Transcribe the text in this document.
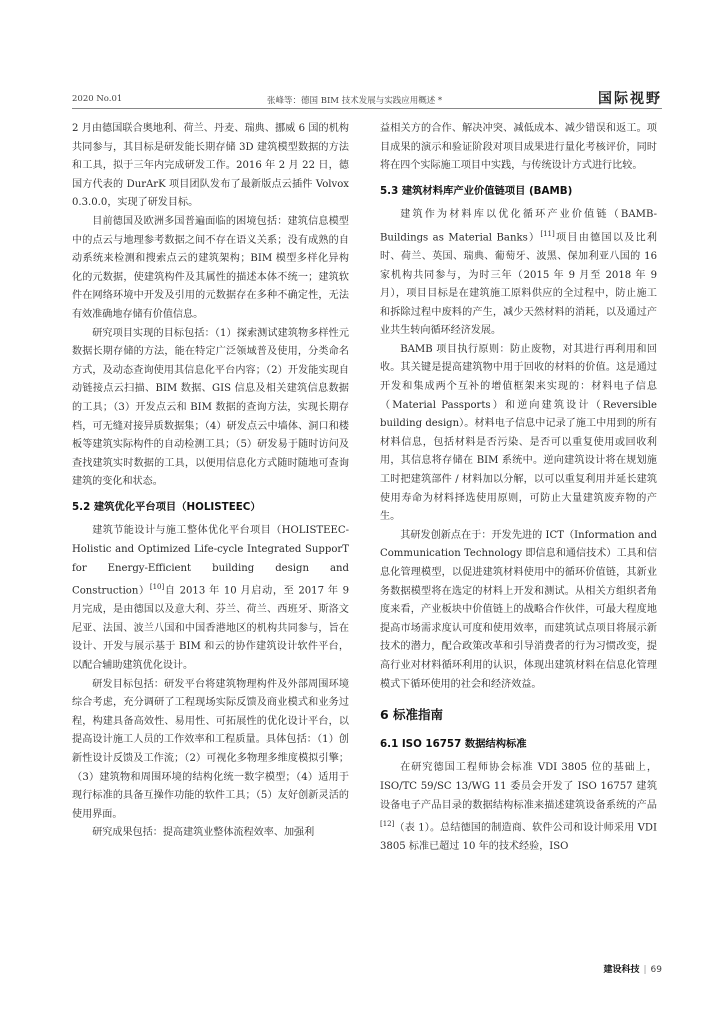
2020 No.01	张峰等：德国 BIM 技术发展与实践应用概述 *	国际视野

2 月由德国联合奥地利、荷兰、丹麦、瑞典、挪威 6 国的机构共同参与，其目标是研发能长期存储 3D 建筑模型数据的方法和工具，拟于三年内完成研发工作。2016 年 2 月 22 日，德国方代表的 DurArK 项目团队发布了最新版点云插件 Volvox 0.3.0.0，实现了研发目标。

目前德国及欧洲多国普遍面临的困境包括：建筑信息模型中的点云与地理参考数据之间不存在语义关系；没有成熟的自动系统来检测和搜索点云的建筑架构；BIM 模型多样化异构化的元数据，使建筑构件及其属性的描述本体不统一；建筑软件在网络环境中开发及引用的元数据存在多种不确定性，无法有效准确地存储有价值信息。

研究项目实现的目标包括：（1）探索测试建筑物多样性元数据长期存储的方法，能在特定广泛领域普及使用，分类命名方式，及动态查询使用其信息化平台内容；（2）开发能实现自动链接点云扫描、BIM 数据、GIS 信息及相关建筑信息数据的工具；（3）开发点云和 BIM 数据的查询方法，实现长期存档，可无缝对接异质数据集；（4）研发点云中墙体、洞口和楼板等建筑实际构件的自动检测工具；（5）研发易于随时访问及查找建筑实时数据的工具，以便用信息化方式随时随地可查询建筑的变化和状态。

5.2 建筑优化平台项目（HOLISTEEC）

建筑节能设计与施工整体优化平台项目（HOLISTEEC-Holistic and Optimized Life-cycle Integrated SupporT for Energy-Efficient building design and Construction）[10]自 2013 年 10 月启动，至 2017 年 9 月完成，是由德国以及意大利、芬兰、荷兰、西班牙、斯洛文尼亚、法国、波兰八国和中国香港地区的机构共同参与，旨在设计、开发与展示基于 BIM 和云的协作建筑设计软件平台，以配合辅助建筑优化设计。

研发目标包括：研发平台将建筑物理构件及外部周围环境综合考虑，充分调研了工程现场实际反馈及商业模式和业务过程，构建具备高效性、易用性、可拓展性的优化设计平台，以提高设计施工人员的工作效率和工程质量。具体包括：（1）创新性设计反馈及工作流；（2）可视化多物理多维度模拟引擎；（3）建筑物和周围环境的结构化统一数字模型；（4）适用于现行标准的具备互操作功能的软件工具；（5）友好创新灵活的使用界面。

研究成果包括：提高建筑业整体流程效率、加强利

益相关方的合作、解决冲突、减低成本、减少错误和返工。项目成果的演示和验证阶段对项目成果进行量化考核评价，同时将在四个实际施工项目中实践，与传统设计方式进行比较。

5.3 建筑材料库产业价值链项目 (BAMB)

建筑作为材料库以优化循环产业价值链（BAMB-Buildings as Material Banks）[11]项目由德国以及比利时、荷兰、英国、瑞典、葡萄牙、波黑、保加利亚八国的 16 家机构共同参与，为时三年（2015 年 9 月至 2018 年 9 月），项目目标是在建筑施工原料供应的全过程中，防止施工和拆除过程中废料的产生，减少天然材料的消耗，以及通过产业共生转向循环经济发展。

BAMB 项目执行原则：防止废物，对其进行再利用和回收。其关键是提高建筑物中用于回收的材料的价值。这是通过开发和集成两个互补的增值框架来实现的：材料电子信息（Material Passports）和逆向建筑设计（Reversible building design）。材料电子信息中记录了施工中用到的所有材料信息，包括材料是否污染、是否可以重复使用或回收利用，其信息将存储在 BIM 系统中。逆向建筑设计将在规划施工时把建筑部件 / 材料加以分解，以可以重复利用并延长建筑使用寿命为材料择选使用原则，可防止大量建筑废弃物的产生。

其研发创新点在于：开发先进的 ICT（Information and Communication Technology 即信息和通信技术）工具和信息化管理模型，以促进建筑材料使用中的循环价值链，其新业务数据模型将在选定的材料上开发和测试。从相关方组织者角度来看，产业板块中价值链上的战略合作伙伴，可最大程度地提高市场需求度认可度和使用效率，而建筑试点项目将展示新技术的潜力，配合政策改革和引导消费者的行为习惯改变，提高行业对材料循环利用的认识，体现出建筑材料在信息化管理模式下循环使用的社会和经济效益。

6 标准指南
6.1 ISO 16757 数据结构标准

在研究德国工程师协会标准 VDI 3805 位的基础上，ISO/TC 59/SC 13/WG 11 委员会开发了 ISO 16757 建筑设备电子产品目录的数据结构标准来描述建筑设备系统的产品[12]（表 1）。总结德国的制造商、软件公司和设计师采用 VDI 3805 标准已超过 10 年的技术经验，ISO

建设科技 | 69
